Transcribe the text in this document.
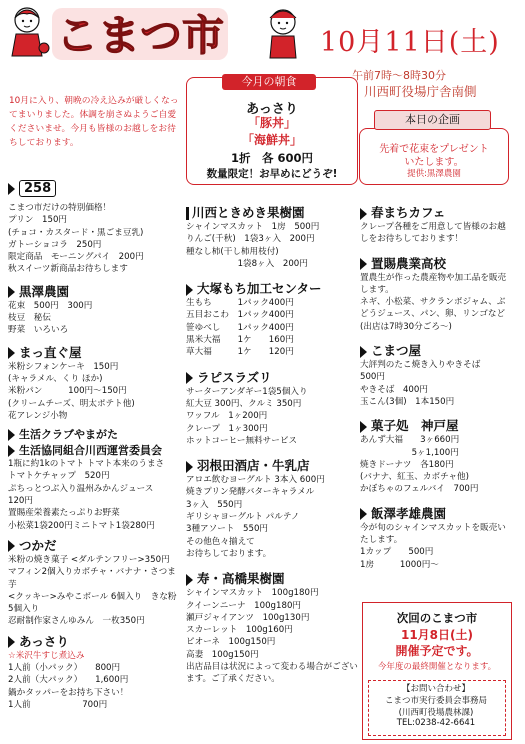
こまつ市	10月11日(土)
午前7時〜8時30分
川西町役場庁舎南側
10月に入り、朝晩の冷え込みが厳しくなってまいりました。体調を崩さぬようご自愛くださいませ。今月も皆様のお越しをお待ちしております。
今月の朝食
あっさり
「豚丼」
「海鮮丼」
1折　各 600円
数量限定！お早めにどうぞ!
本日の企画
先着で花束をプレゼント
いたします。
提供:黒澤農園
258
こまつ市だけの特別価格！
プリン　150円
(チョコ・カスタード・黒ごま豆乳)
ガトーショコラ　250円
限定商品　モーニングパイ　200円
秋スイーツ新商品お待ちします
黒澤農園
花束　500円　300円
枝豆　秘伝
野菜　いろいろ
まっ直ぐ屋
米粉シフォンケーキ　150円
(キャラメル、くり ほか)
米粉パン　　　100円〜150円
(クリームチーズ、明太ポテト他)
花アレンジ小物
生活クラブやまがた
生活協同組合川西運営委員会
1瓶に約1kのトマト トマト本来のうまさ
トマトケチャップ　520円
ぷちっとつぶ入り温州みかんジュース
120円
置賜産栄養素たっぷりお野菜
小松菜1袋200円ミニトマト1袋280円
つかだ
米粉の焼き菓子 <ダルテンフリー>350円
マフィン2個入りカボチャ・バナナ・さつま芋
<クッキー>みやこボール 6個入り　きな粉 5個入り
忍耐制作家さんゆみん　一枚350円
あっさり
☆米沢牛すじ煮込み
1人前（小パック）　　800円
2人前（大パック）　　1,600円
鍋かタッパーをお持ち下さい！
1人前　　　　　　700円
川西ときめき果樹園
シャインマスカット　1房　500円
りんご(千秋)　1袋3ヶ入　200円
種なし柿(干し柿用枝付)
　　　　　　1袋8ヶ入　200円
大塚もち加工センター
生もち　　　1パック400円
五目おこわ　1パック400円
笹ゆべし　　1パック400円
黒米大福　　1ケ　　160円
草大福　　　1ケ　　120円
ラピスラズリ
サーターアンダギー1袋5個入り
紅大豆 300円、クルミ 350円
ワッフル　1ヶ200円
クレープ　1ヶ300円
ホットコーヒー無料サービス
羽根田酒店・牛乳店
アロエ飲むヨーグルト 3本入 600円
焼きプリン発酵バターキャラメル
3ヶ入　550円
ギリシャヨーグルト パルテノ
3種アソート　550円
その他色々揃えて
お待ちしております。
寿・高橋果樹園
シャインマスカット　100g180円
クイーンニーナ　100g180円
瀬戸ジャイアンツ　100g130円
スカーレット　100g160円
ピオーネ　100g150円
高妻　100g150円
出店品目は状況によって変わる場合がございます。ご了承ください。
春まちカフェ
クレープ各種をご用意して皆様のお越しをお待ちしております！
置賜農業高校
置農生が作った農産物や加工品を販売します。
ネギ、小松菜、サクランボジャム、ぶどうジュース、パン、卵、リンゴなど(出店は7時30分ごろ〜)
こまつ屋
大評判のたこ焼き入りやきそば
500円
やきそば　400円
玉こん(3個)　1本150円
菓子処　神戸屋
あんず大福　　3ヶ660円
　　　　　　5ヶ1,100円
焼きドーナツ　各180円
(バナナ、紅玉、カボチャ他)
かぼちゃのフェルバイ　700円
飯澤孝雄農園
今が旬のシャインマスカットを販売いたします。
1カップ　　500円
1房　　　1000円〜
次回のこまつ市
11月8日(土)
開催予定です。
今年度の最終開催となります。
【お問い合わせ】
こまつ市実行委員会事務局
(川西町役場農林課)
TEL:0238-42-6641
